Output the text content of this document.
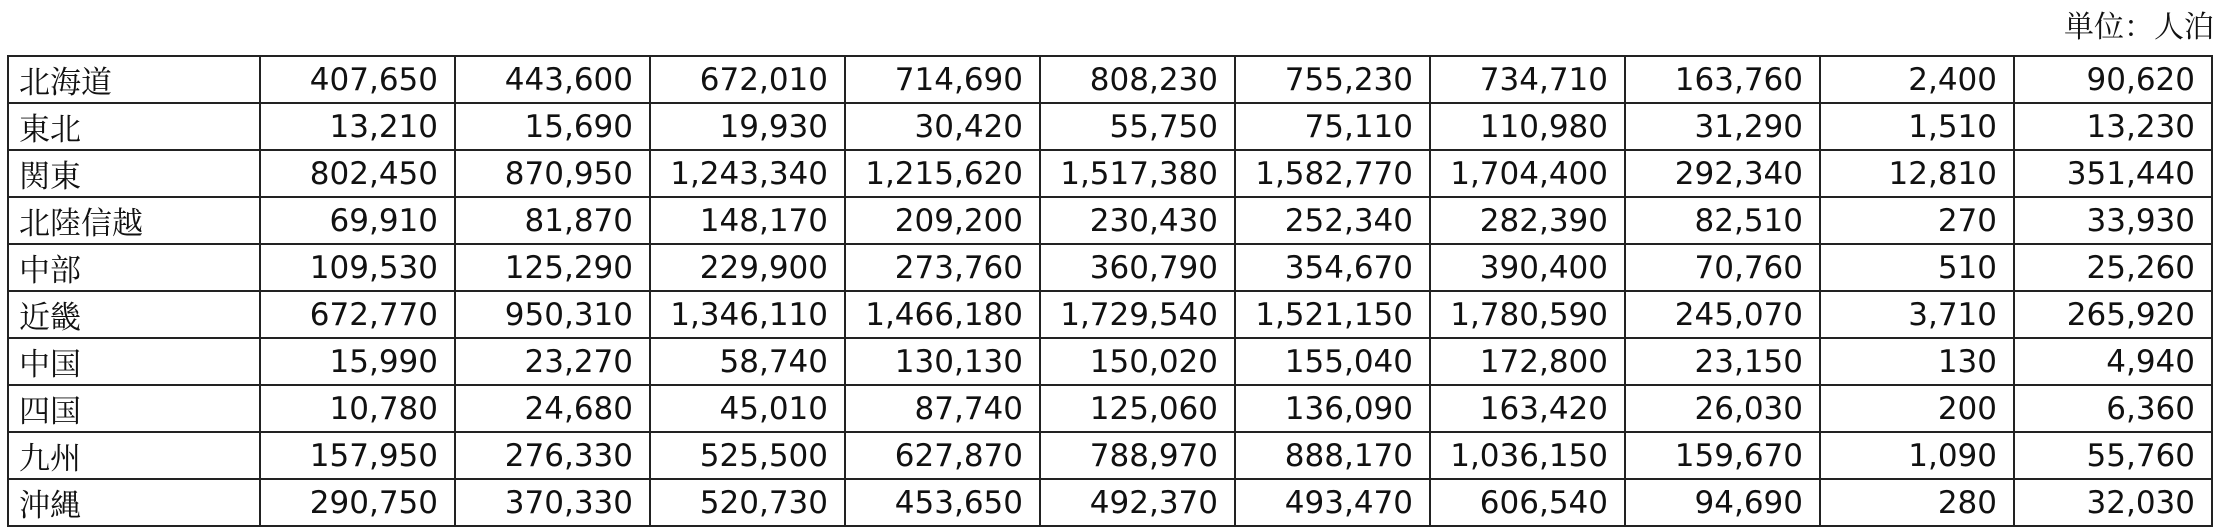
単位：人泊
北海道	407,650	443,600	672,010	714,690	808,230	755,230	734,710	163,760	2,400	90,620
東北	13,210	15,690	19,930	30,420	55,750	75,110	110,980	31,290	1,510	13,230
関東	802,450	870,950	1,243,340	1,215,620	1,517,380	1,582,770	1,704,400	292,340	12,810	351,440
北陸信越	69,910	81,870	148,170	209,200	230,430	252,340	282,390	82,510	270	33,930
中部	109,530	125,290	229,900	273,760	360,790	354,670	390,400	70,760	510	25,260
近畿	672,770	950,310	1,346,110	1,466,180	1,729,540	1,521,150	1,780,590	245,070	3,710	265,920
中国	15,990	23,270	58,740	130,130	150,020	155,040	172,800	23,150	130	4,940
四国	10,780	24,680	45,010	87,740	125,060	136,090	163,420	26,030	200	6,360
九州	157,950	276,330	525,500	627,870	788,970	888,170	1,036,150	159,670	1,090	55,760
沖縄	290,750	370,330	520,730	453,650	492,370	493,470	606,540	94,690	280	32,030
